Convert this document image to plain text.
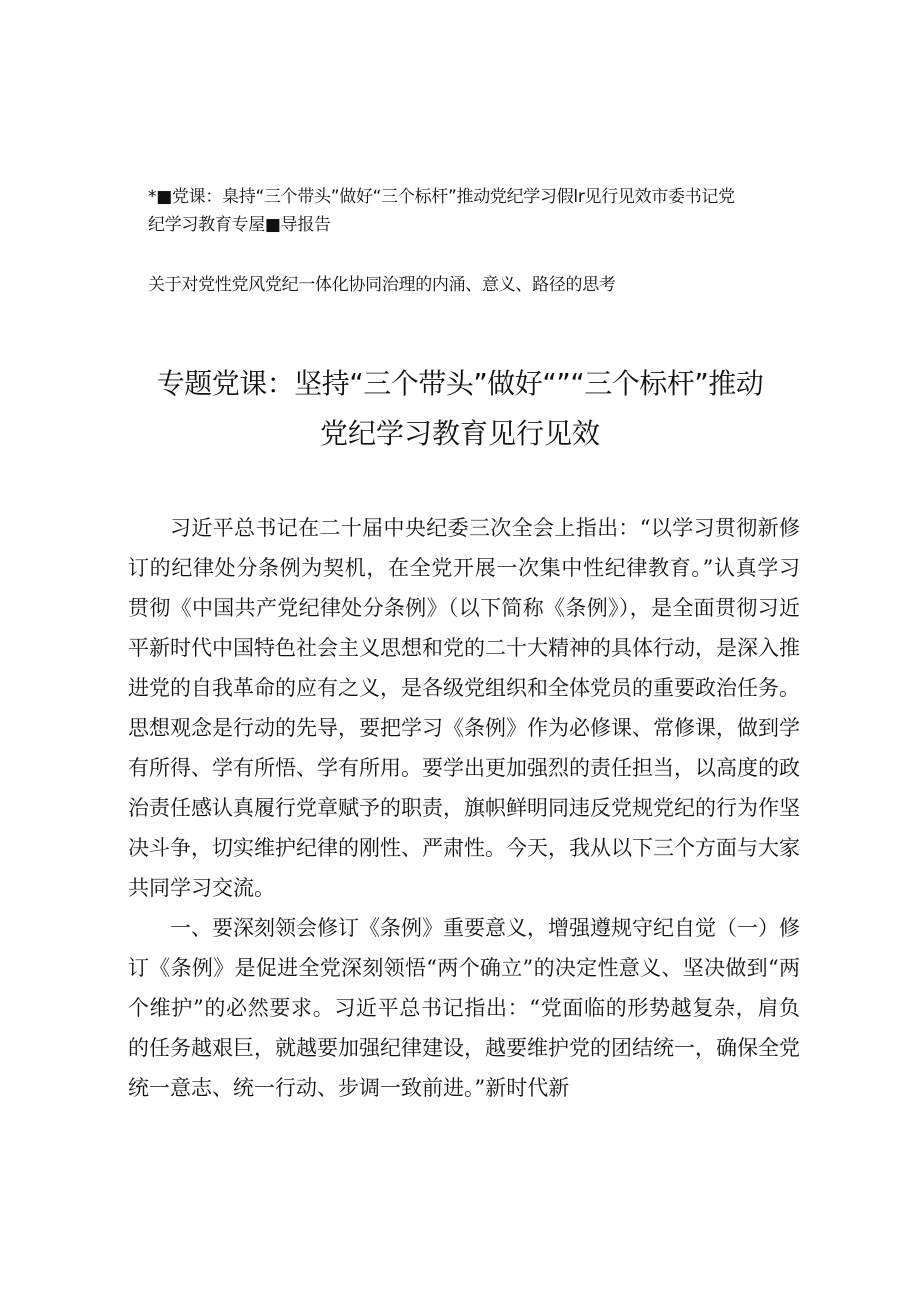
*■党课：臬持“三个带头”做好“三个标杆”推动党纪学习假lr见行见效市委书记党
纪学习教育专屋■导报告
关于对党性党风党纪一体化协同治理的内涌、意义、路径的思考
专题党课：坚持“三个带头”做好“”“三个标杆”推动
党纪学习教育见行见效

习近平总书记在二十届中央纪委三次全会上指出：“以学习贯彻新修订的纪律处分条例为契机，在全党开展一次集中性纪律教育。”认真学习贯彻《中国共产党纪律处分条例》（以下简称《条例》），是全面贯彻习近平新时代中国特色社会主义思想和党的二十大精神的具体行动，是深入推进党的自我革命的应有之义，是各级党组织和全体党员的重要政治任务。思想观念是行动的先导，要把学习《条例》作为必修课、常修课，做到学有所得、学有所悟、学有所用。要学出更加强烈的责任担当，以高度的政治责任感认真履行党章赋予的职责，旗帜鲜明同违反党规党纪的行为作坚决斗争，切实维护纪律的刚性、严肃性。今天，我从以下三个方面与大家共同学习交流。

一、要深刻领会修订《条例》重要意义，增强遵规守纪自觉（一）修订《条例》是促进全党深刻领悟“两个确立”的决定性意义、坚决做到“两个维护”的必然要求。习近平总书记指出：“党面临的形势越复杂，肩负的任务越艰巨，就越要加强纪律建设，越要维护党的团结统一，确保全党统一意志、统一行动、步调一致前进。”新时代新
